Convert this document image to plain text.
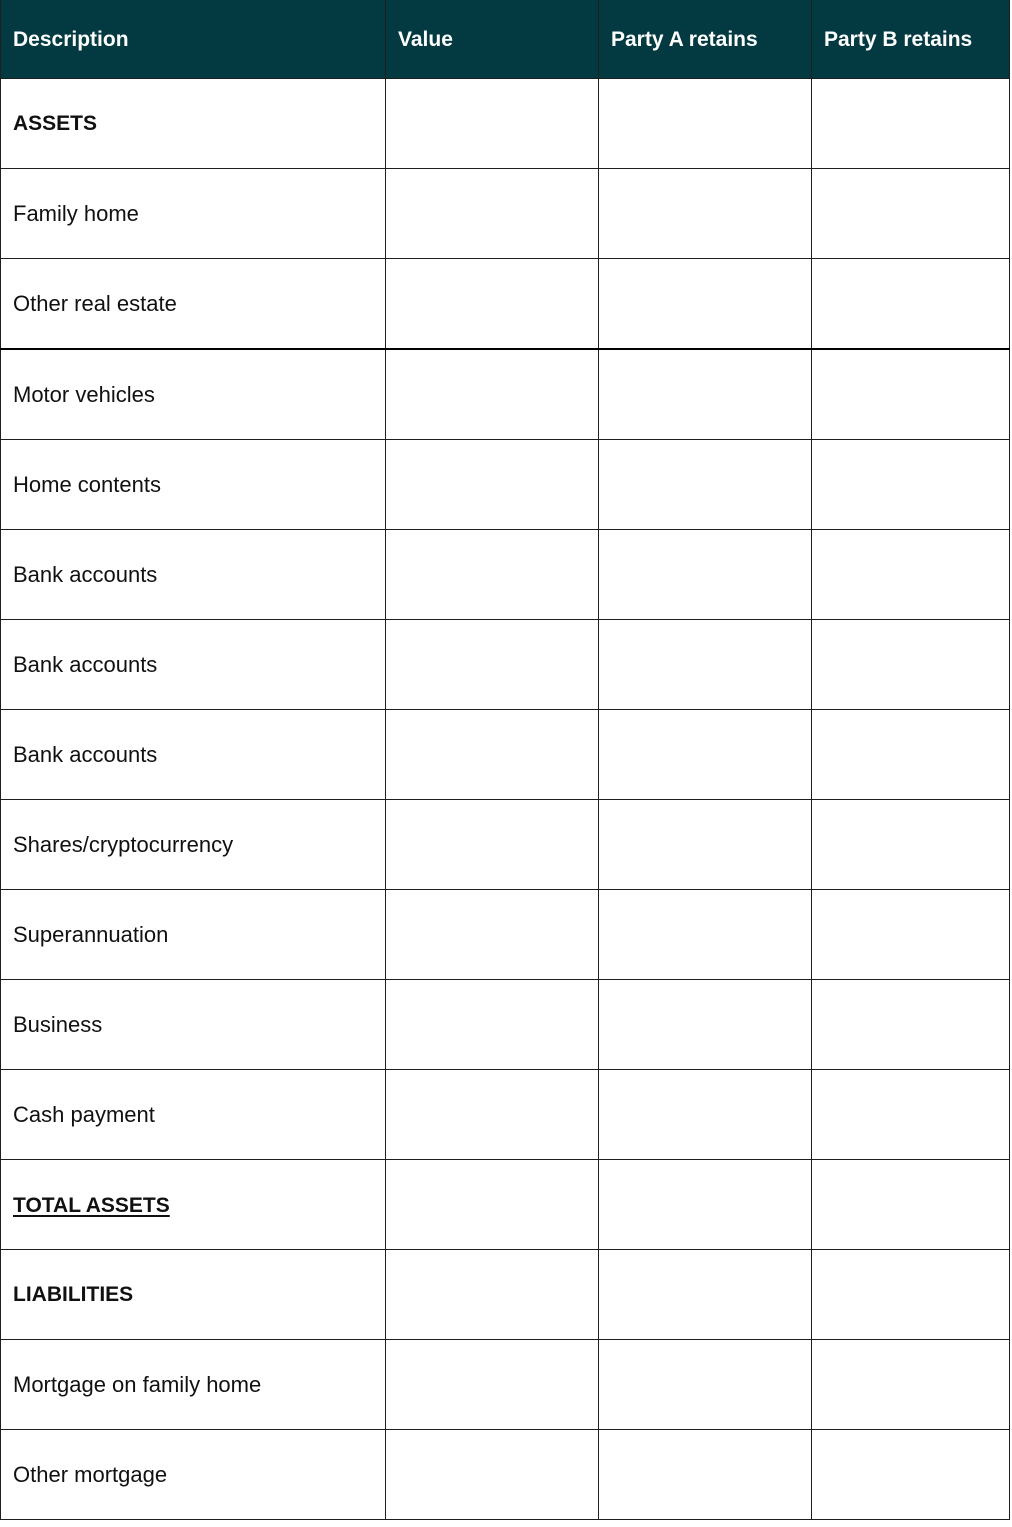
Description	Value	Party A retains	Party B retains
ASSETS			
Family home			
Other real estate			
Motor vehicles			
Home contents			
Bank accounts			
Bank accounts			
Bank accounts			
Shares/cryptocurrency			
Superannuation			
Business			
Cash payment			
TOTAL ASSETS			
LIABILITIES			
Mortgage on family home			
Other mortgage			
